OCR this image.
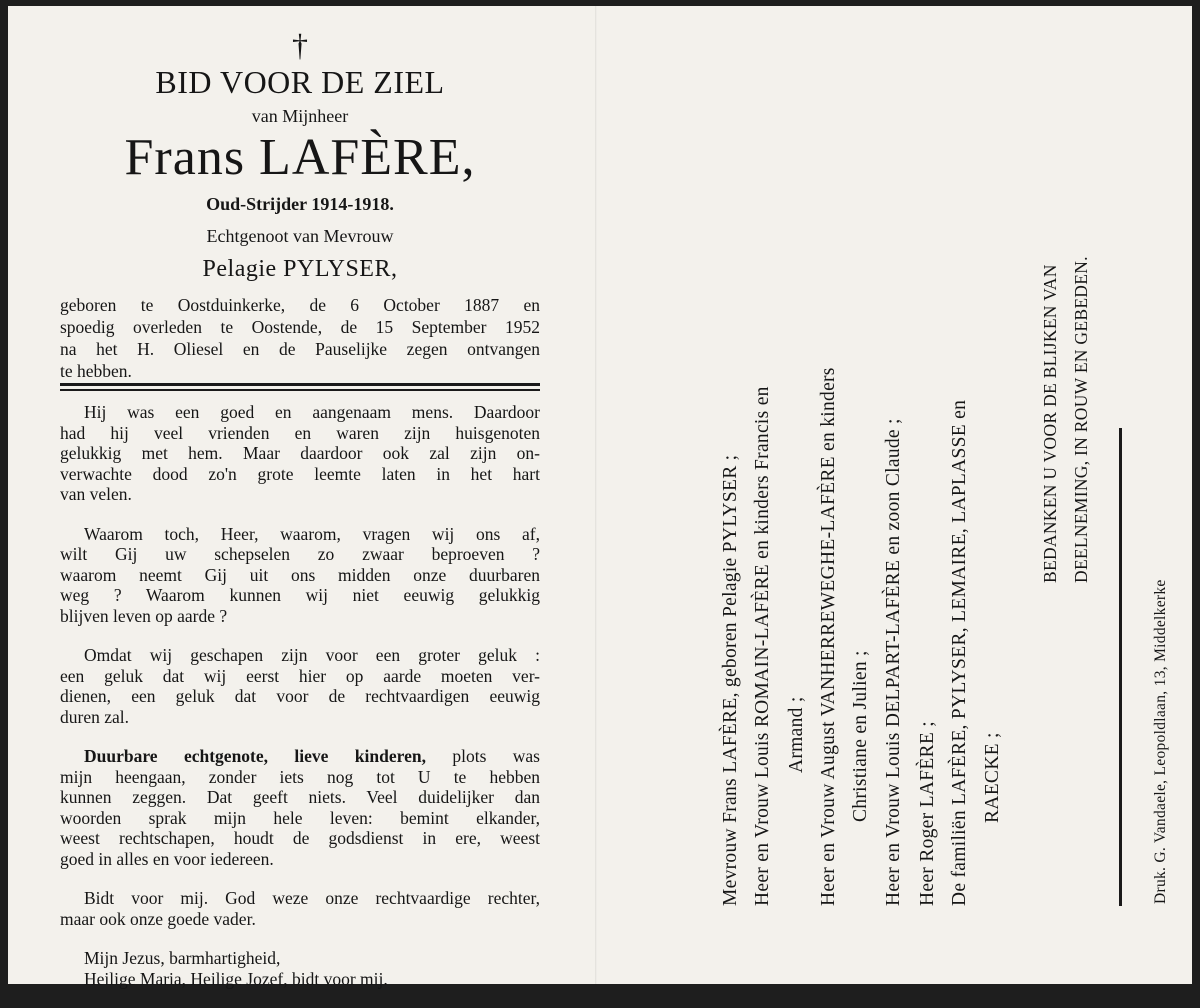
†
BID VOOR DE ZIEL
van Mijnheer
Frans LAFÈRE,
Oud-Strijder 1914-1918.
Echtgenoot van Mevrouw
Pelagie PYLYSER,
geboren te Oostduinkerke, de 6 October 1887 en
spoedig overleden te Oostende, de 15 September 1952
na het H. Oliesel en de Pauselijke zegen ontvangen
te hebben.
Hij was een goed en aangenaam mens. Daardoor
had hij veel vrienden en waren zijn huisgenoten
gelukkig met hem. Maar daardoor ook zal zijn on-
verwachte dood zo'n grote leemte laten in het hart
van velen.
Waarom toch, Heer, waarom, vragen wij ons af,
wilt Gij uw schepselen zo zwaar beproeven ?
waarom neemt Gij uit ons midden onze duurbaren
weg ? Waarom kunnen wij niet eeuwig gelukkig
blijven leven op aarde ?
Omdat wij geschapen zijn voor een groter geluk :
een geluk dat wij eerst hier op aarde moeten ver-
dienen, een geluk dat voor de rechtvaardigen eeuwig
duren zal.
Duurbare echtgenote, lieve kinderen, plots was
mijn heengaan, zonder iets nog tot U te hebben
kunnen zeggen. Dat geeft niets. Veel duidelijker dan
woorden sprak mijn hele leven: bemint elkander,
weest rechtschapen, houdt de godsdienst in ere, weest
goed in alles en voor iedereen.
Bidt voor mij. God weze onze rechtvaardige rechter,
maar ook onze goede vader.
Mijn Jezus, barmhartigheid,
Heilige Maria, Heilige Jozef, bidt voor mij.
Mevrouw Frans LAFÈRE, geboren Pelagie PYLYSER ; Heer en Vrouw Louis ROMAIN-LAFÈRE en kinders Francis en Armand ; Heer en Vrouw August VANHERREWEGHE-LAFÈRE en kinders Christiane en Julien ; Heer en Vrouw Louis DELPART-LAFÈRE en zoon Claude ; Heer Roger LAFÈRE ; De familiën LAFÈRE, PYLYSER, LEMAIRE, LAPLASSE en RAECKE ;
BEDANKEN U VOOR DE BLIJKEN VAN DEELNEMING, IN ROUW EN GEBEDEN.
Druk. G. Vandaele, Leopoldlaan, 13, Middelkerke
